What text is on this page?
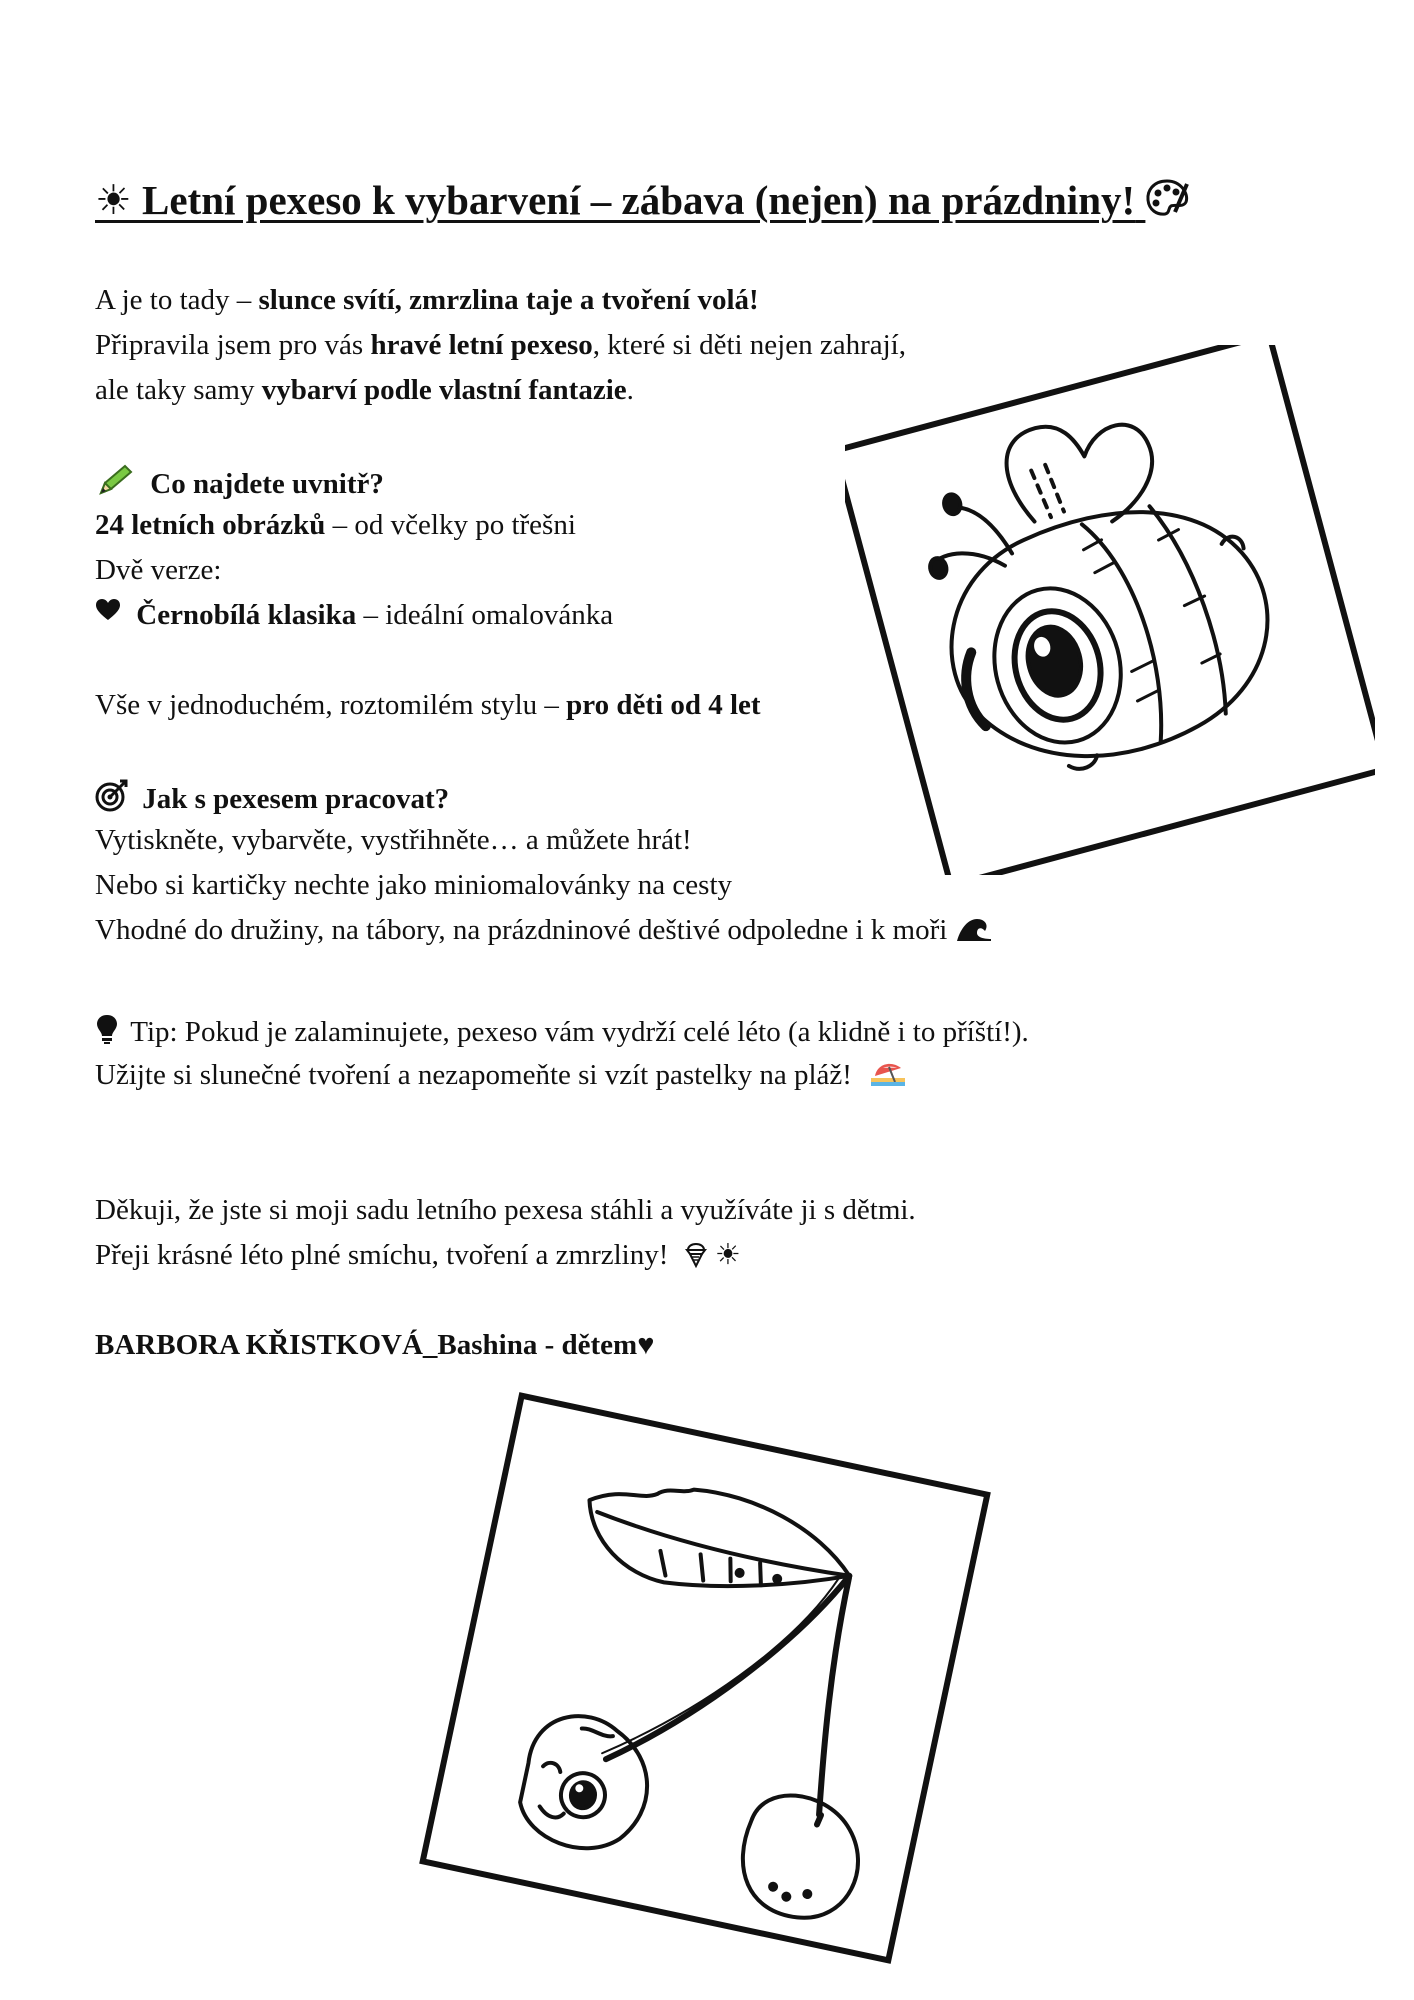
☀ Letní pexeso k vybarvení – zábava (nejen) na prázdniny!
A je to tady – slunce svítí, zmrzlina taje a tvoření volá!
Připravila jsem pro vás hravé letní pexeso, které si děti nejen zahrají,
ale taky samy vybarví podle vlastní fantazie.
Co najdete uvnitř?
24 letních obrázků – od včelky po třešni
Dvě verze:
Černobílá klasika – ideální omalovánka
Vše v jednoduchém, roztomilém stylu – pro děti od 4 let
Jak s pexesem pracovat?
Vytiskněte, vybarvěte, vystřihněte… a můžete hrát!
Nebo si kartičky nechte jako miniomalovánky na cesty
Vhodné do družiny, na tábory, na prázdninové deštivé odpoledne i k moři
Tip: Pokud je zalaminujete, pexeso vám vydrží celé léto (a klidně i to příští!).
Užijte si slunečné tvoření a nezapomeňte si vzít pastelky na pláž!
Děkuji, že jste si moji sadu letního pexesa stáhli a využíváte ji s dětmi.
Přeji krásné léto plné smíchu, tvoření a zmrzliny! ☀
BARBORA KŘISTKOVÁ_Bashina - dětem♥
